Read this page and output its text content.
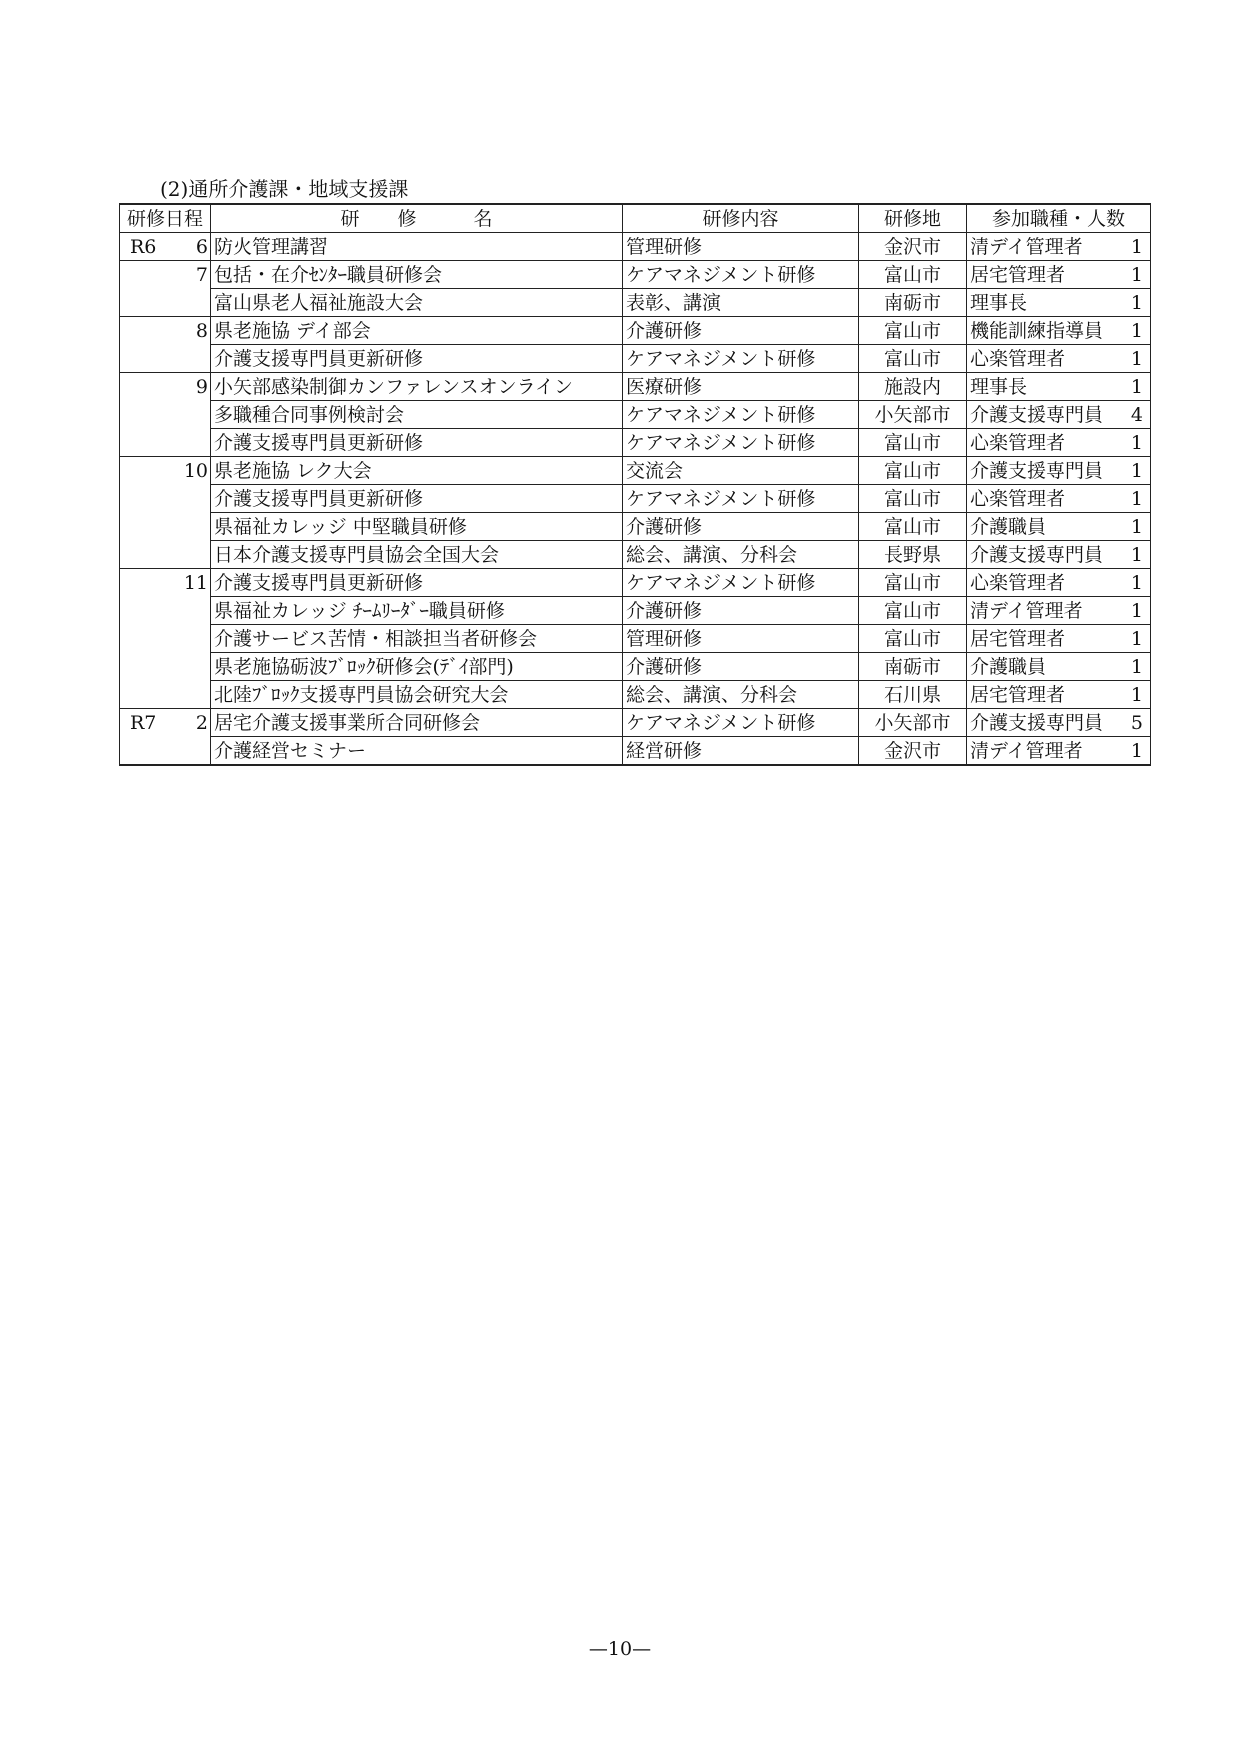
(2)通所介護課・地域支援課
研修日程	研　　修　　　名	研修内容	研修地	参加職種・人数

R6 6	防火管理講習	管理研修	金沢市	清デイ管理者 1

7	包括・在介ｾﾝﾀｰ職員研修会	ケアマネジメント研修	富山市	居宅管理者 1

	富山県老人福祉施設大会	表彰、講演	南砺市	理事長 1

8	県老施協 デイ部会	介護研修	富山市	機能訓練指導員 1

	介護支援専門員更新研修	ケアマネジメント研修	富山市	心楽管理者 1

9	小矢部感染制御カンファレンスオンライン	医療研修	施設内	理事長 1

	多職種合同事例検討会	ケアマネジメント研修	小矢部市	介護支援専門員 4

	介護支援専門員更新研修	ケアマネジメント研修	富山市	心楽管理者 1

10	県老施協 レク大会	交流会	富山市	介護支援専門員 1

	介護支援専門員更新研修	ケアマネジメント研修	富山市	心楽管理者 1

	県福祉カレッジ 中堅職員研修	介護研修	富山市	介護職員 1

	日本介護支援専門員協会全国大会	総会、講演、分科会	長野県	介護支援専門員 1

11	介護支援専門員更新研修	ケアマネジメント研修	富山市	心楽管理者 1

	県福祉カレッジ ﾁｰﾑﾘｰﾀﾞｰ職員研修	介護研修	富山市	清デイ管理者 1

	介護サービス苦情・相談担当者研修会	管理研修	富山市	居宅管理者 1

	県老施協砺波ﾌﾞﾛｯｸ研修会(ﾃﾞｲ部門)	介護研修	南砺市	介護職員 1

	北陸ﾌﾞﾛｯｸ支援専門員協会研究大会	総会、講演、分科会	石川県	居宅管理者 1

R7 2	居宅介護支援事業所合同研修会	ケアマネジメント研修	小矢部市	介護支援専門員 5

	介護経営セミナー	経営研修	金沢市	清デイ管理者 1
—10—
